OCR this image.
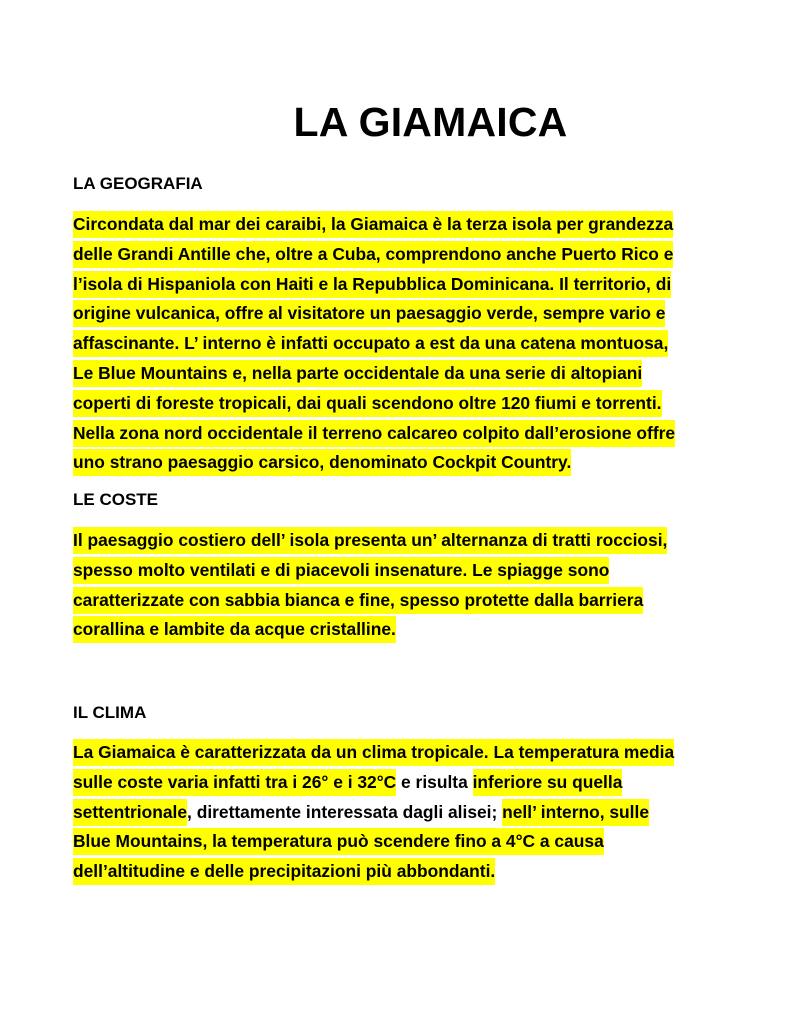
LA GIAMAICA
LA GEOGRAFIA

Circondata dal mar dei caraibi, la Giamaica è la terza isola per grandezza
delle Grandi Antille che, oltre a Cuba, comprendono anche Puerto Rico e
l’isola di Hispaniola con Haiti e la Repubblica Dominicana. Il territorio, di
origine vulcanica, offre al visitatore un paesaggio verde, sempre vario e
affascinante. L’ interno è infatti occupato a est da una catena montuosa,
Le Blue Mountains e, nella parte occidentale da una serie di altopiani
coperti di foreste tropicali, dai quali scendono oltre 120 fiumi e torrenti.
Nella zona nord occidentale il terreno calcareo colpito dall’erosione offre
uno strano paesaggio carsico, denominato Cockpit Country.

LE COSTE

Il paesaggio costiero dell’ isola presenta un’ alternanza di tratti rocciosi,
spesso molto ventilati e di piacevoli insenature. Le spiagge sono
caratterizzate con sabbia bianca e fine, spesso protette dalla barriera
corallina e lambite da acque cristalline.

IL CLIMA

La Giamaica è caratterizzata da un clima tropicale. La temperatura media
sulle coste varia infatti tra i 26° e i 32°C e risulta inferiore su quella
settentrionale, direttamente interessata dagli alisei; nell’ interno, sulle
Blue Mountains, la temperatura può scendere fino a 4°C a causa
dell’altitudine e delle precipitazioni più abbondanti.
